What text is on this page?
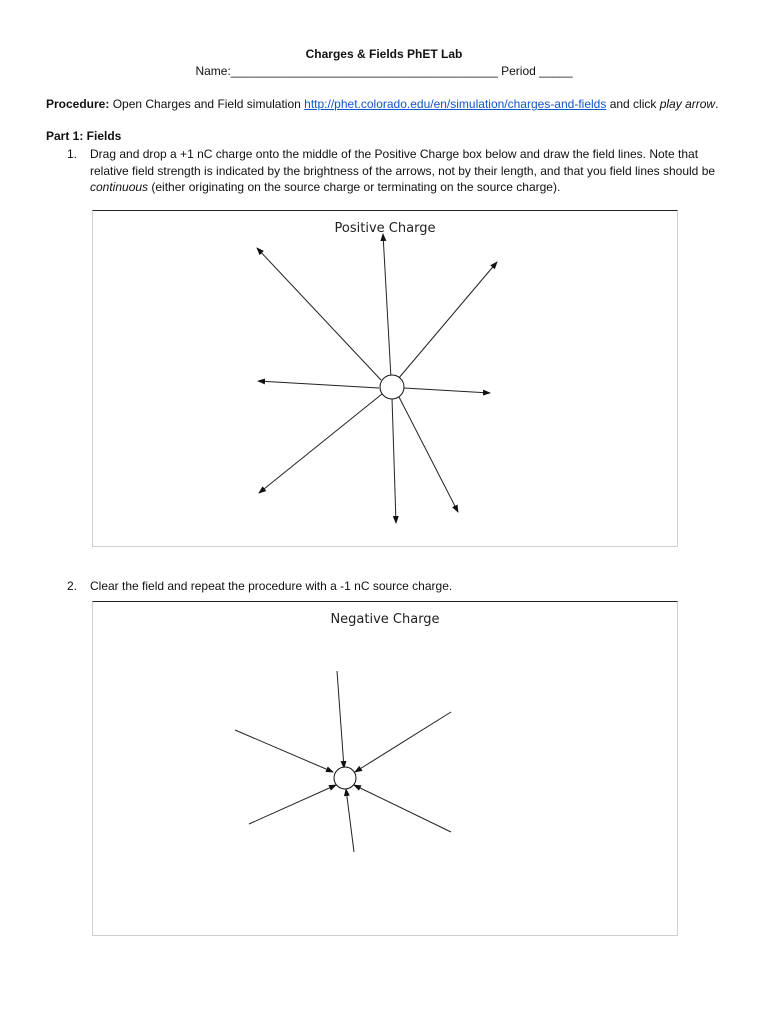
Charges & Fields PhET Lab
Name:________________________________________ Period _____
Procedure: Open Charges and Field simulation http://phet.colorado.edu/en/simulation/charges-and-fields and click play arrow.
Part 1: Fields
1. Drag and drop a +1 nC charge onto the middle of the Positive Charge box below and draw the field lines. Note that relative field strength is indicated by the brightness of the arrows, not by their length, and that you field lines should be continuous (either originating on the source charge or terminating on the source charge).
Positive Charge
2. Clear the field and repeat the procedure with a -1 nC source charge.
Negative Charge
